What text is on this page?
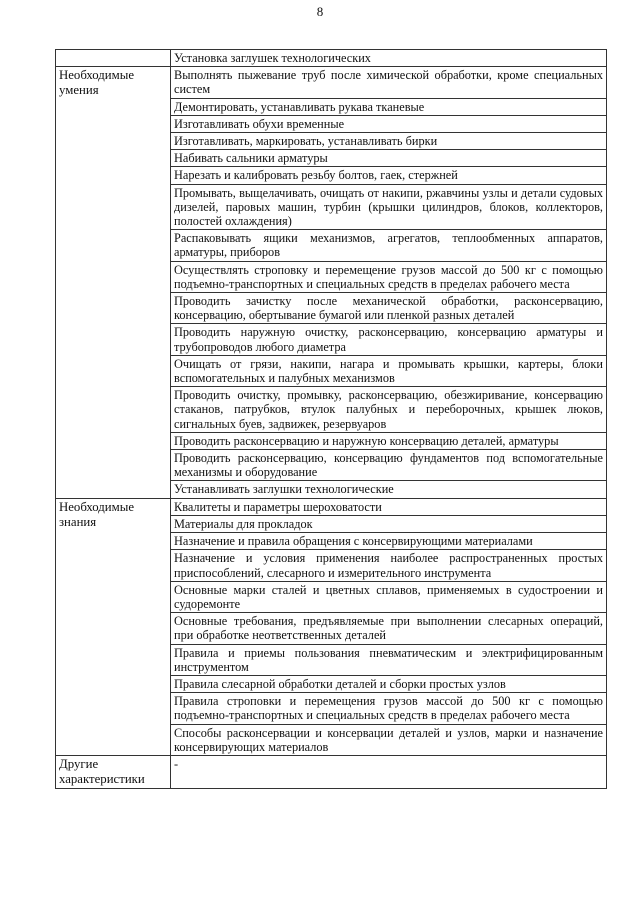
8
	Установка заглушек технологических
Необходимые умения	Выполнять пыжевание труб после химической обработки, кроме специальных систем
	Демонтировать, устанавливать рукава тканевые
	Изготавливать обухи временные
	Изготавливать, маркировать, устанавливать бирки
	Набивать сальники арматуры
	Нарезать и калибровать резьбу болтов, гаек, стержней
	Промывать, выщелачивать, очищать от накипи, ржавчины узлы и детали судовых дизелей, паровых машин, турбин (крышки цилиндров, блоков, коллекторов, полостей охлаждения)
	Распаковывать ящики механизмов, агрегатов, теплообменных аппаратов, арматуры, приборов
	Осуществлять строповку и перемещение грузов массой до 500 кг с помощью подъемно-транспортных и специальных средств в пределах рабочего места
	Проводить зачистку после механической обработки, расконсервацию, консервацию, обертывание бумагой или пленкой разных деталей
	Проводить наружную очистку, расконсервацию, консервацию арматуры и трубопроводов любого диаметра
	Очищать от грязи, накипи, нагара и промывать крышки, картеры, блоки вспомогательных и палубных механизмов
	Проводить очистку, промывку, расконсервацию, обезжиривание, консервацию стаканов, патрубков, втулок палубных и переборочных, крышек люков, сигнальных буев, задвижек, резервуаров
	Проводить расконсервацию и наружную консервацию деталей, арматуры
	Проводить расконсервацию, консервацию фундаментов под вспомогательные механизмы и оборудование
	Устанавливать заглушки технологические
Необходимые знания	Квалитеты и параметры шероховатости
	Материалы для прокладок
	Назначение и правила обращения с консервирующими материалами
	Назначение и условия применения наиболее распространенных простых приспособлений, слесарного и измерительного инструмента
	Основные марки сталей и цветных сплавов, применяемых в судостроении и судоремонте
	Основные требования, предъявляемые при выполнении слесарных операций, при обработке неответственных деталей
	Правила и приемы пользования пневматическим и электрифицированным инструментом
	Правила слесарной обработки деталей и сборки простых узлов
	Правила строповки и перемещения грузов массой до 500 кг с помощью подъемно-транспортных и специальных средств в пределах рабочего места
	Способы расконсервации и консервации деталей и узлов, марки и назначение консервирующих материалов
Другие характеристики	-
